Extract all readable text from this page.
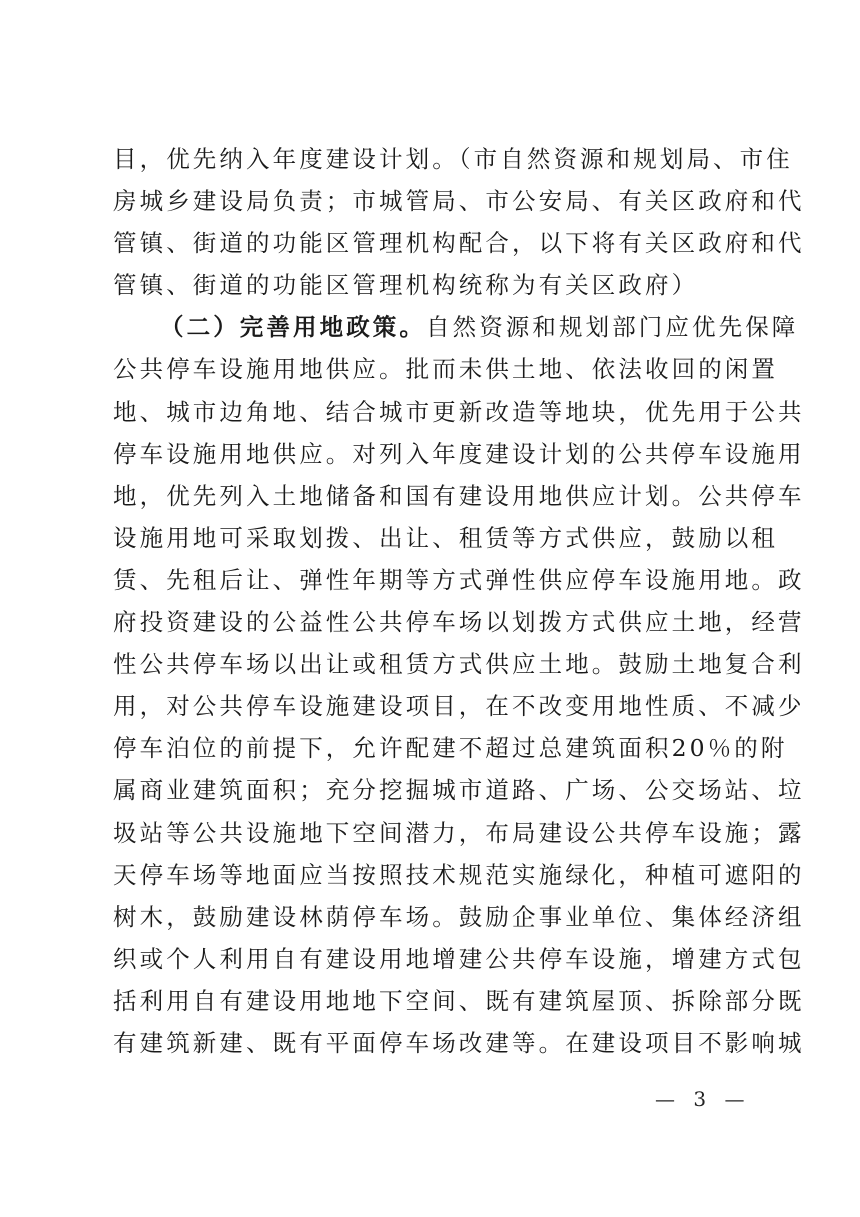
目，优先纳入年度建设计划。（市自然资源和规划局、市住
房城乡建设局负责；市城管局、市公安局、有关区政府和代
管镇、街道的功能区管理机构配合，以下将有关区政府和代
管镇、街道的功能区管理机构统称为有关区政府）
（二）完善用地政策。自然资源和规划部门应优先保障
公共停车设施用地供应。批而未供土地、依法收回的闲置
地、城市边角地、结合城市更新改造等地块，优先用于公共
停车设施用地供应。对列入年度建设计划的公共停车设施用
地，优先列入土地储备和国有建设用地供应计划。公共停车
设施用地可采取划拨、出让、租赁等方式供应，鼓励以租
赁、先租后让、弹性年期等方式弹性供应停车设施用地。政
府投资建设的公益性公共停车场以划拨方式供应土地，经营
性公共停车场以出让或租赁方式供应土地。鼓励土地复合利
用，对公共停车设施建设项目，在不改变用地性质、不减少
停车泊位的前提下，允许配建不超过总建筑面积20％的附
属商业建筑面积；充分挖掘城市道路、广场、公交场站、垃
圾站等公共设施地下空间潜力，布局建设公共停车设施；露
天停车场等地面应当按照技术规范实施绿化，种植可遮阳的
树木，鼓励建设林荫停车场。鼓励企事业单位、集体经济组
织或个人利用自有建设用地增建公共停车设施，增建方式包
括利用自有建设用地地下空间、既有建筑屋顶、拆除部分既
有建筑新建、既有平面停车场改建等。在建设项目不影响城
— 3 —
